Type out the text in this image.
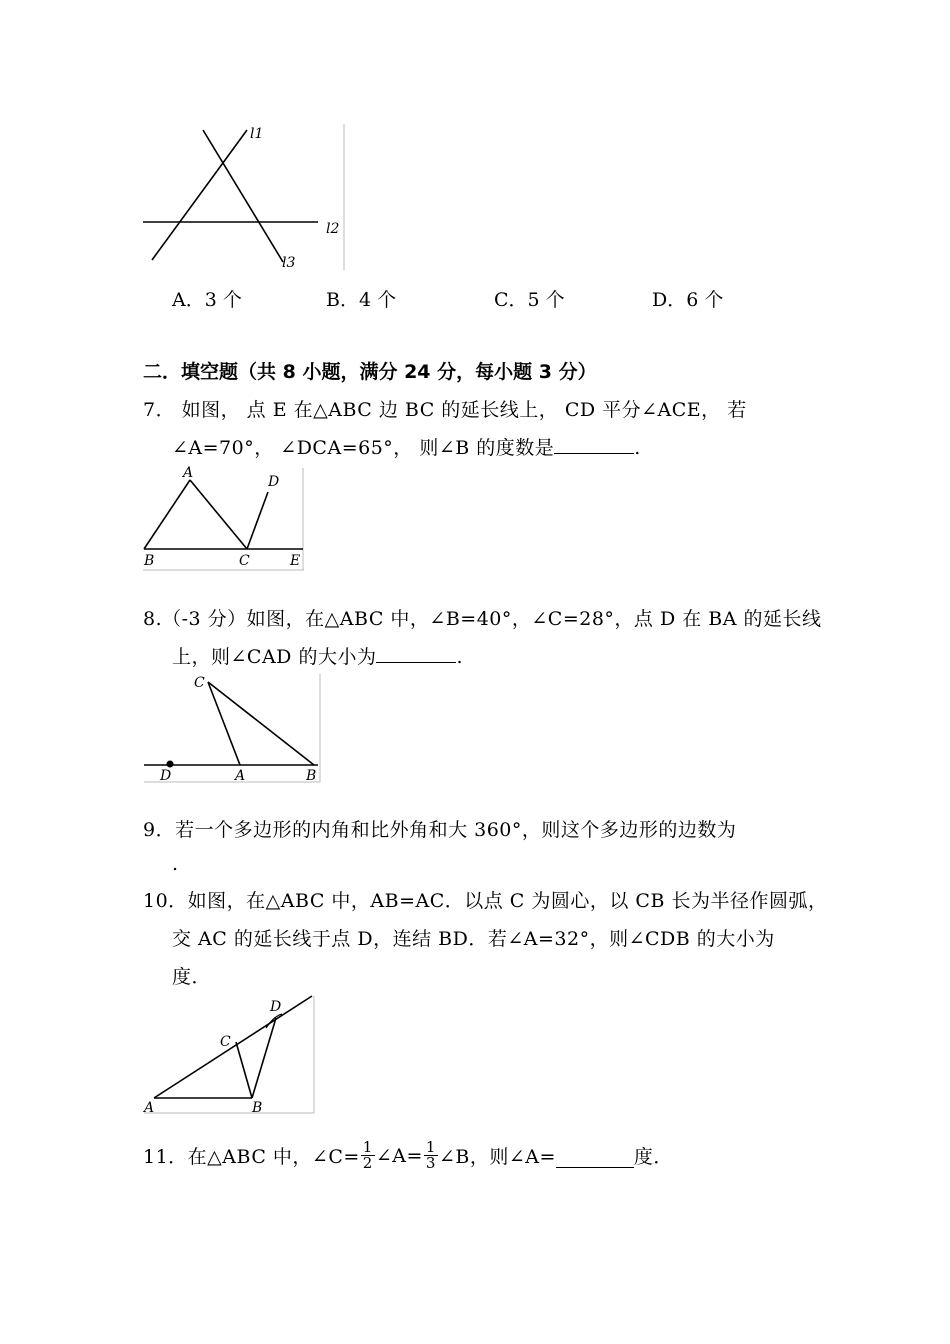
l1
l2
l3
A．3 个	B．4 个	C．5 个	D．6 个
二．填空题（共 8 小题，满分 24 分，每小题 3 分）
7． 如图， 点 E 在△ABC 边 BC 的延长线上， CD 平分∠ACE， 若
∠A=70°， ∠DCA=65°， 则∠B 的度数是	.
A
D
B	C	E
8.（-3 分）如图，在△ABC 中，∠B=40°，∠C=28°，点 D 在 BA 的延长线
上，则∠CAD 的大小为	.
C
D	A	B
9．若一个多边形的内角和比外角和大 360°，则这个多边形的边数为
.
10．如图，在△ABC 中，AB=AC．以点 C 为圆心，以 CB 长为半径作圆弧，
交 AC 的延长线于点 D，连结 BD．若∠A=32°，则∠CDB 的大小为
度．
D
C
A	B
11．在△ABC 中，∠C= $\frac{1}{2}$ ∠A= $\frac{1}{3}$ ∠B，则∠A=	度．
